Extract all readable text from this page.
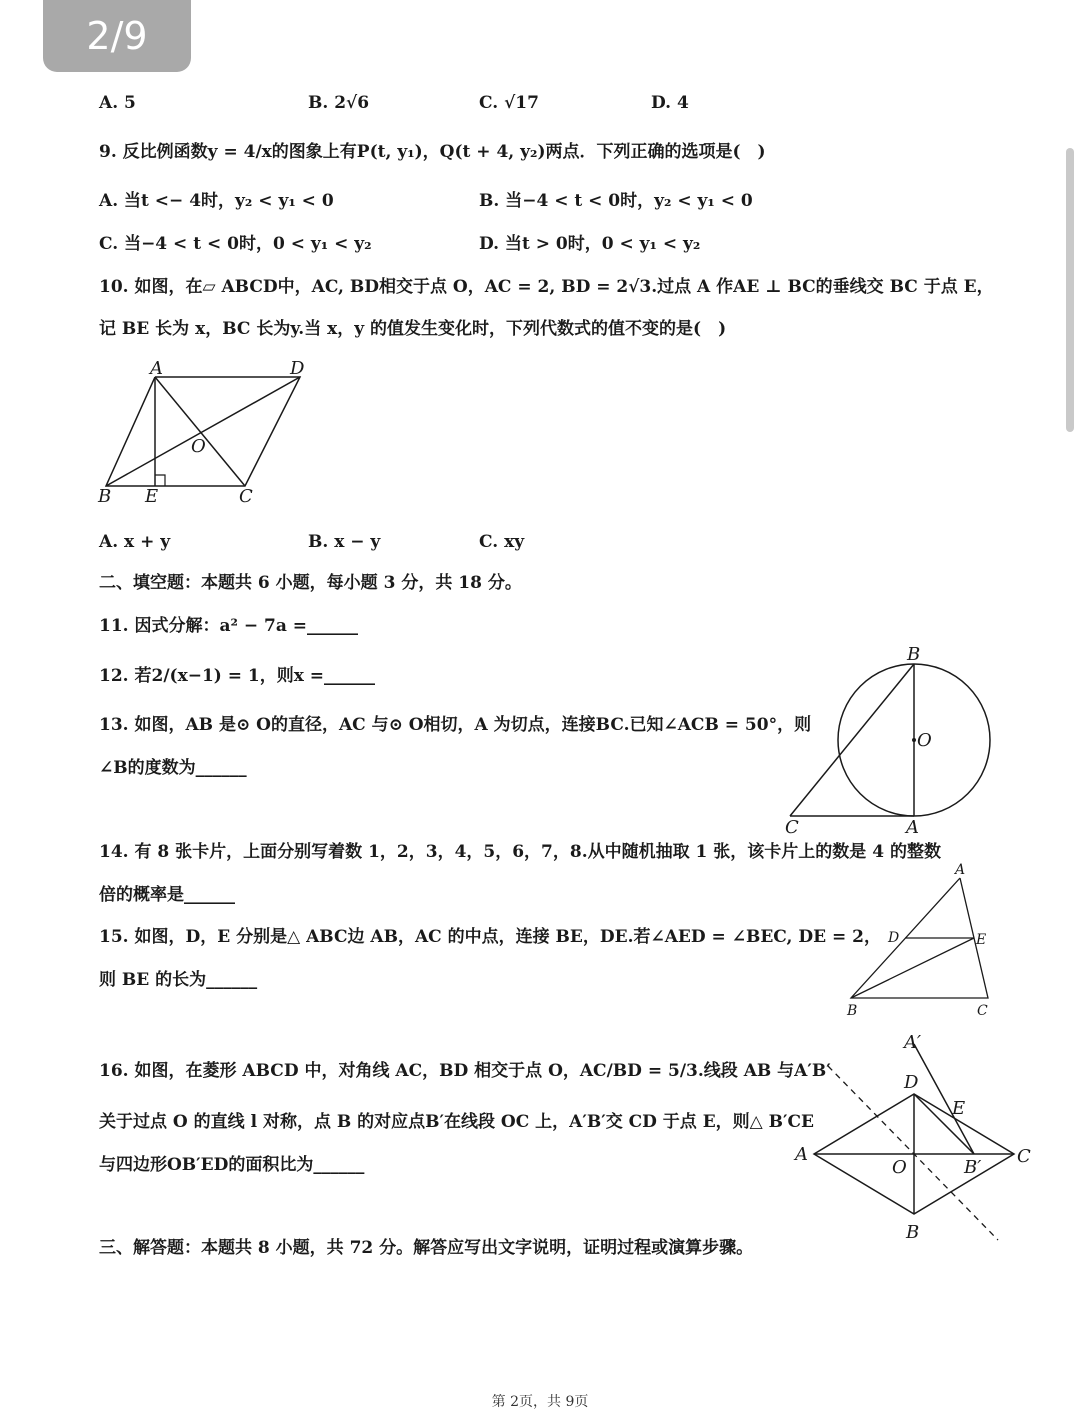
2/9
A. 5	B. 2√6	C. √17	D. 4
9. 反比例函数y = 4/x的图象上有P(t, y₁)，Q(t + 4, y₂)两点．下列正确的选项是(　)
A. 当t <− 4时，y₂ < y₁ < 0	B. 当−4 < t < 0时，y₂ < y₁ < 0
C. 当−4 < t < 0时，0 < y₁ < y₂	D. 当t > 0时，0 < y₁ < y₂
10. 如图，在▱ ABCD中，AC, BD相交于点 O，AC = 2, BD = 2√3.过点 A 作AE ⊥ BC的垂线交 BC 于点 E，
记 BE 长为 x，BC 长为y.当 x，y 的值发生变化时，下列代数式的值不变的是(　)
A	D
O
B E	C
A. x + y	B. x − y	C. xy
二、填空题：本题共 6 小题，每小题 3 分，共 18 分。
11. 因式分解：a² − 7a =______
12. 若2/(x−1) = 1，则x =______
13. 如图，AB 是⊙ O的直径，AC 与⊙ O相切，A 为切点，连接BC.已知∠ACB = 50°，则
∠B的度数为______
B
O
C	A
14. 有 8 张卡片，上面分别写着数 1，2，3，4，5，6，7，8.从中随机抽取 1 张，该卡片上的数是 4 的整数
倍的概率是______
15. 如图，D，E 分别是△ ABC边 AB，AC 的中点，连接 BE，DE.若∠AED = ∠BEC, DE = 2，
则 BE 的长为______
A
D	E
B	C
16. 如图，在菱形 ABCD 中，对角线 AC，BD 相交于点 O，AC/BD = 5/3.线段 AB 与A′B′
关于过点 O 的直线 l 对称，点 B 的对应点B′在线段 OC 上，A′B′交 CD 于点 E，则△ B′CE
与四边形OB′ED的面积比为______
A′
D
E
A
O	B′
C
B
三、解答题：本题共 8 小题，共 72 分。解答应写出文字说明，证明过程或演算步骤。
第 2页，共 9页
